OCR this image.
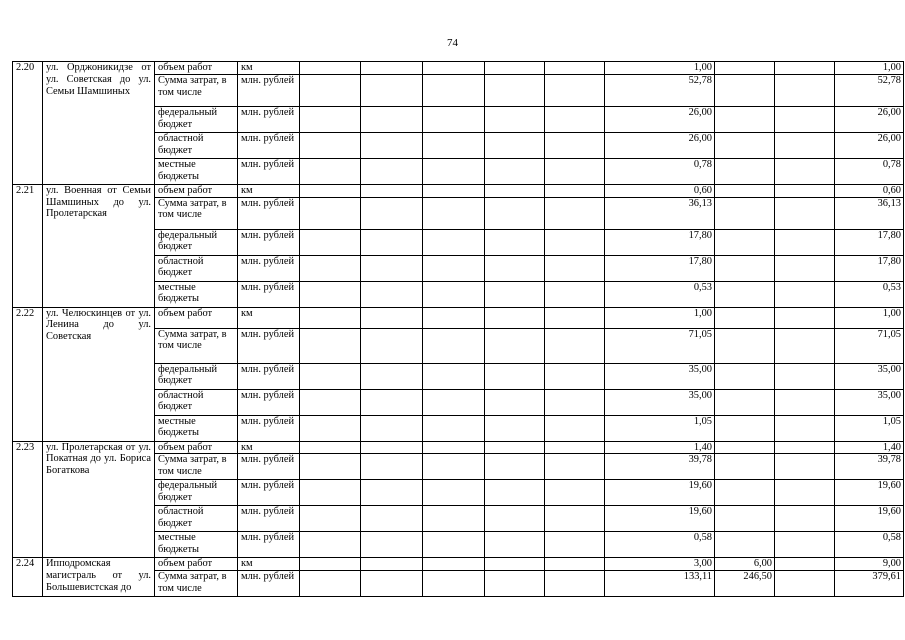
74
2.20	ул. Орджоникидзе от ул. Советская до ул. Семьи Шамшиных	объем работ	км						1,00			1,00
		Сумма затрат, в том числе	млн. рублей						52,78			52,78
		федеральный бюджет	млн. рублей						26,00			26,00
		областной бюджет	млн. рублей						26,00			26,00
		местные бюджеты	млн. рублей						0,78			0,78
2.21	ул. Военная от Семьи Шамшиных до ул. Пролетарская	объем работ	км						0,60			0,60
		Сумма затрат, в том числе	млн. рублей						36,13			36,13
		федеральный бюджет	млн. рублей						17,80			17,80
		областной бюджет	млн. рублей						17,80			17,80
		местные бюджеты	млн. рублей						0,53			0,53
2.22	ул. Челюскинцев от ул. Ленина до ул. Советская	объем работ	км						1,00			1,00
		Сумма затрат, в том числе	млн. рублей						71,05			71,05
		федеральный бюджет	млн. рублей						35,00			35,00
		областной бюджет	млн. рублей						35,00			35,00
		местные бюджеты	млн. рублей						1,05			1,05
2.23	ул. Пролетарская от ул. Покатная до ул. Бориса Богаткова	объем работ	км						1,40			1,40
		Сумма затрат, в том числе	млн. рублей						39,78			39,78
		федеральный бюджет	млн. рублей						19,60			19,60
		областной бюджет	млн. рублей						19,60			19,60
		местные бюджеты	млн. рублей						0,58			0,58
2.24	Ипподромская магистраль от ул. Большевистская до	объем работ	км						3,00	6,00		9,00
		Сумма затрат, в том числе	млн. рублей						133,11	246,50		379,61
